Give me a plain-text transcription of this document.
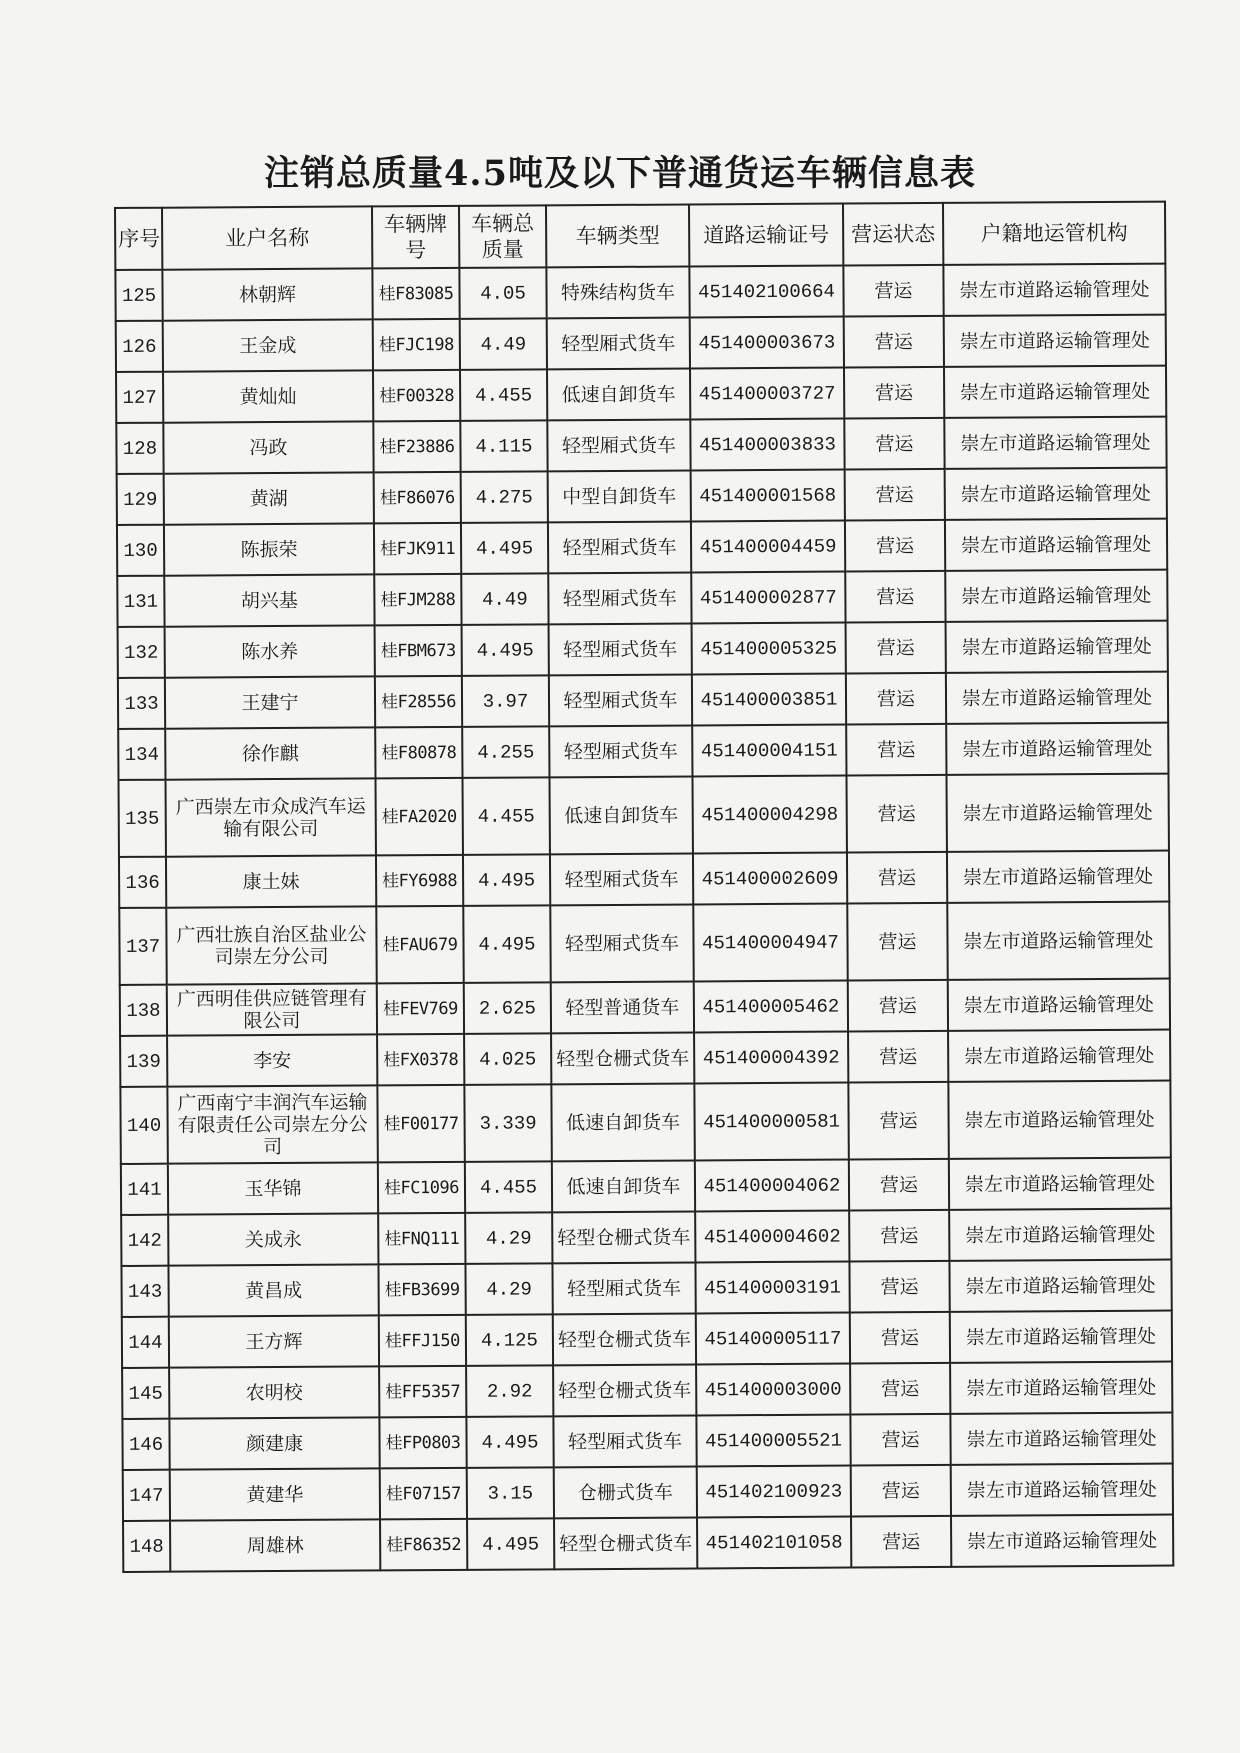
注销总质量4.5吨及以下普通货运车辆信息表
序号	业户名称	车辆牌号	车辆总质量	车辆类型	道路运输证号	营运状态	户籍地运管机构
125	林朝辉	桂F83085	4.05	特殊结构货车	451402100664	营运	崇左市道路运输管理处
126	王金成	桂FJC198	4.49	轻型厢式货车	451400003673	营运	崇左市道路运输管理处
127	黄灿灿	桂F00328	4.455	低速自卸货车	451400003727	营运	崇左市道路运输管理处
128	冯政	桂F23886	4.115	轻型厢式货车	451400003833	营运	崇左市道路运输管理处
129	黄湖	桂F86076	4.275	中型自卸货车	451400001568	营运	崇左市道路运输管理处
130	陈振荣	桂FJK911	4.495	轻型厢式货车	451400004459	营运	崇左市道路运输管理处
131	胡兴基	桂FJM288	4.49	轻型厢式货车	451400002877	营运	崇左市道路运输管理处
132	陈水养	桂FBM673	4.495	轻型厢式货车	451400005325	营运	崇左市道路运输管理处
133	王建宁	桂F28556	3.97	轻型厢式货车	451400003851	营运	崇左市道路运输管理处
134	徐作麒	桂F80878	4.255	轻型厢式货车	451400004151	营运	崇左市道路运输管理处
135	广西崇左市众成汽车运输有限公司	桂FA2020	4.455	低速自卸货车	451400004298	营运	崇左市道路运输管理处
136	康土妹	桂FY6988	4.495	轻型厢式货车	451400002609	营运	崇左市道路运输管理处
137	广西壮族自治区盐业公司崇左分公司	桂FAU679	4.495	轻型厢式货车	451400004947	营运	崇左市道路运输管理处
138	广西明佳供应链管理有限公司	桂FEV769	2.625	轻型普通货车	451400005462	营运	崇左市道路运输管理处
139	李安	桂FX0378	4.025	轻型仓栅式货车	451400004392	营运	崇左市道路运输管理处
140	广西南宁丰润汽车运输有限责任公司崇左分公司	桂F00177	3.339	低速自卸货车	451400000581	营运	崇左市道路运输管理处
141	玉华锦	桂FC1096	4.455	低速自卸货车	451400004062	营运	崇左市道路运输管理处
142	关成永	桂FNQ111	4.29	轻型仓栅式货车	451400004602	营运	崇左市道路运输管理处
143	黄昌成	桂FB3699	4.29	轻型厢式货车	451400003191	营运	崇左市道路运输管理处
144	王方辉	桂FFJ150	4.125	轻型仓栅式货车	451400005117	营运	崇左市道路运输管理处
145	农明校	桂FF5357	2.92	轻型仓栅式货车	451400003000	营运	崇左市道路运输管理处
146	颜建康	桂FP0803	4.495	轻型厢式货车	451400005521	营运	崇左市道路运输管理处
147	黄建华	桂F07157	3.15	仓栅式货车	451402100923	营运	崇左市道路运输管理处
148	周雄林	桂F86352	4.495	轻型仓栅式货车	451402101058	营运	崇左市道路运输管理处
